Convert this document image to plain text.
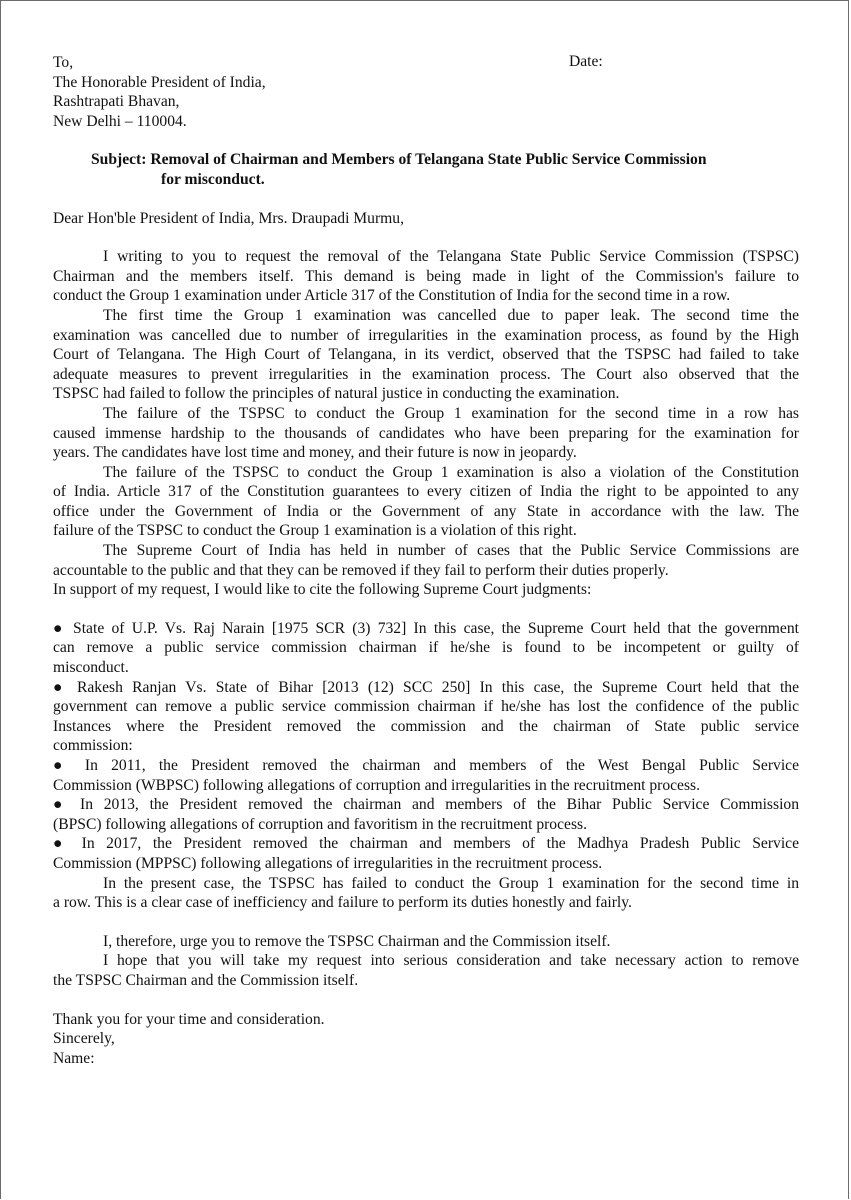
Date:
To,
The Honorable President of India,
Rashtrapati Bhavan,
New Delhi – 110004.
Subject: Removal of Chairman and Members of Telangana State Public Service Commission
for misconduct.
Dear Hon'ble President of India, Mrs. Draupadi Murmu,
I writing to you to request the removal of the Telangana State Public Service Commission (TSPSC)
Chairman and the members itself. This demand is being made in light of the Commission's failure to
conduct the Group 1 examination under Article 317 of the Constitution of India for the second time in a row.
The first time the Group 1 examination was cancelled due to paper leak. The second time the
examination was cancelled due to number of irregularities in the examination process, as found by the High
Court of Telangana. The High Court of Telangana, in its verdict, observed that the TSPSC had failed to take
adequate measures to prevent irregularities in the examination process. The Court also observed that the
TSPSC had failed to follow the principles of natural justice in conducting the examination.
The failure of the TSPSC to conduct the Group 1 examination for the second time in a row has
caused immense hardship to the thousands of candidates who have been preparing for the examination for
years. The candidates have lost time and money, and their future is now in jeopardy.
The failure of the TSPSC to conduct the Group 1 examination is also a violation of the Constitution
of India. Article 317 of the Constitution guarantees to every citizen of India the right to be appointed to any
office under the Government of India or the Government of any State in accordance with the law. The
failure of the TSPSC to conduct the Group 1 examination is a violation of this right.
The Supreme Court of India has held in number of cases that the Public Service Commissions are
accountable to the public and that they can be removed if they fail to perform their duties properly.
In support of my request, I would like to cite the following Supreme Court judgments:
● State of U.P. Vs. Raj Narain [1975 SCR (3) 732] In this case, the Supreme Court held that the government
can remove a public service commission chairman if he/she is found to be incompetent or guilty of
misconduct.
● Rakesh Ranjan Vs. State of Bihar [2013 (12) SCC 250] In this case, the Supreme Court held that the
government can remove a public service commission chairman if he/she has lost the confidence of the public
Instances where the President removed the commission and the chairman of State public service
commission:
● In 2011, the President removed the chairman and members of the West Bengal Public Service
Commission (WBPSC) following allegations of corruption and irregularities in the recruitment process.
● In 2013, the President removed the chairman and members of the Bihar Public Service Commission
(BPSC) following allegations of corruption and favoritism in the recruitment process.
● In 2017, the President removed the chairman and members of the Madhya Pradesh Public Service
Commission (MPPSC) following allegations of irregularities in the recruitment process.
In the present case, the TSPSC has failed to conduct the Group 1 examination for the second time in
a row. This is a clear case of inefficiency and failure to perform its duties honestly and fairly.
I, therefore, urge you to remove the TSPSC Chairman and the Commission itself.
I hope that you will take my request into serious consideration and take necessary action to remove
the TSPSC Chairman and the Commission itself.
Thank you for your time and consideration.
Sincerely,
Name:
